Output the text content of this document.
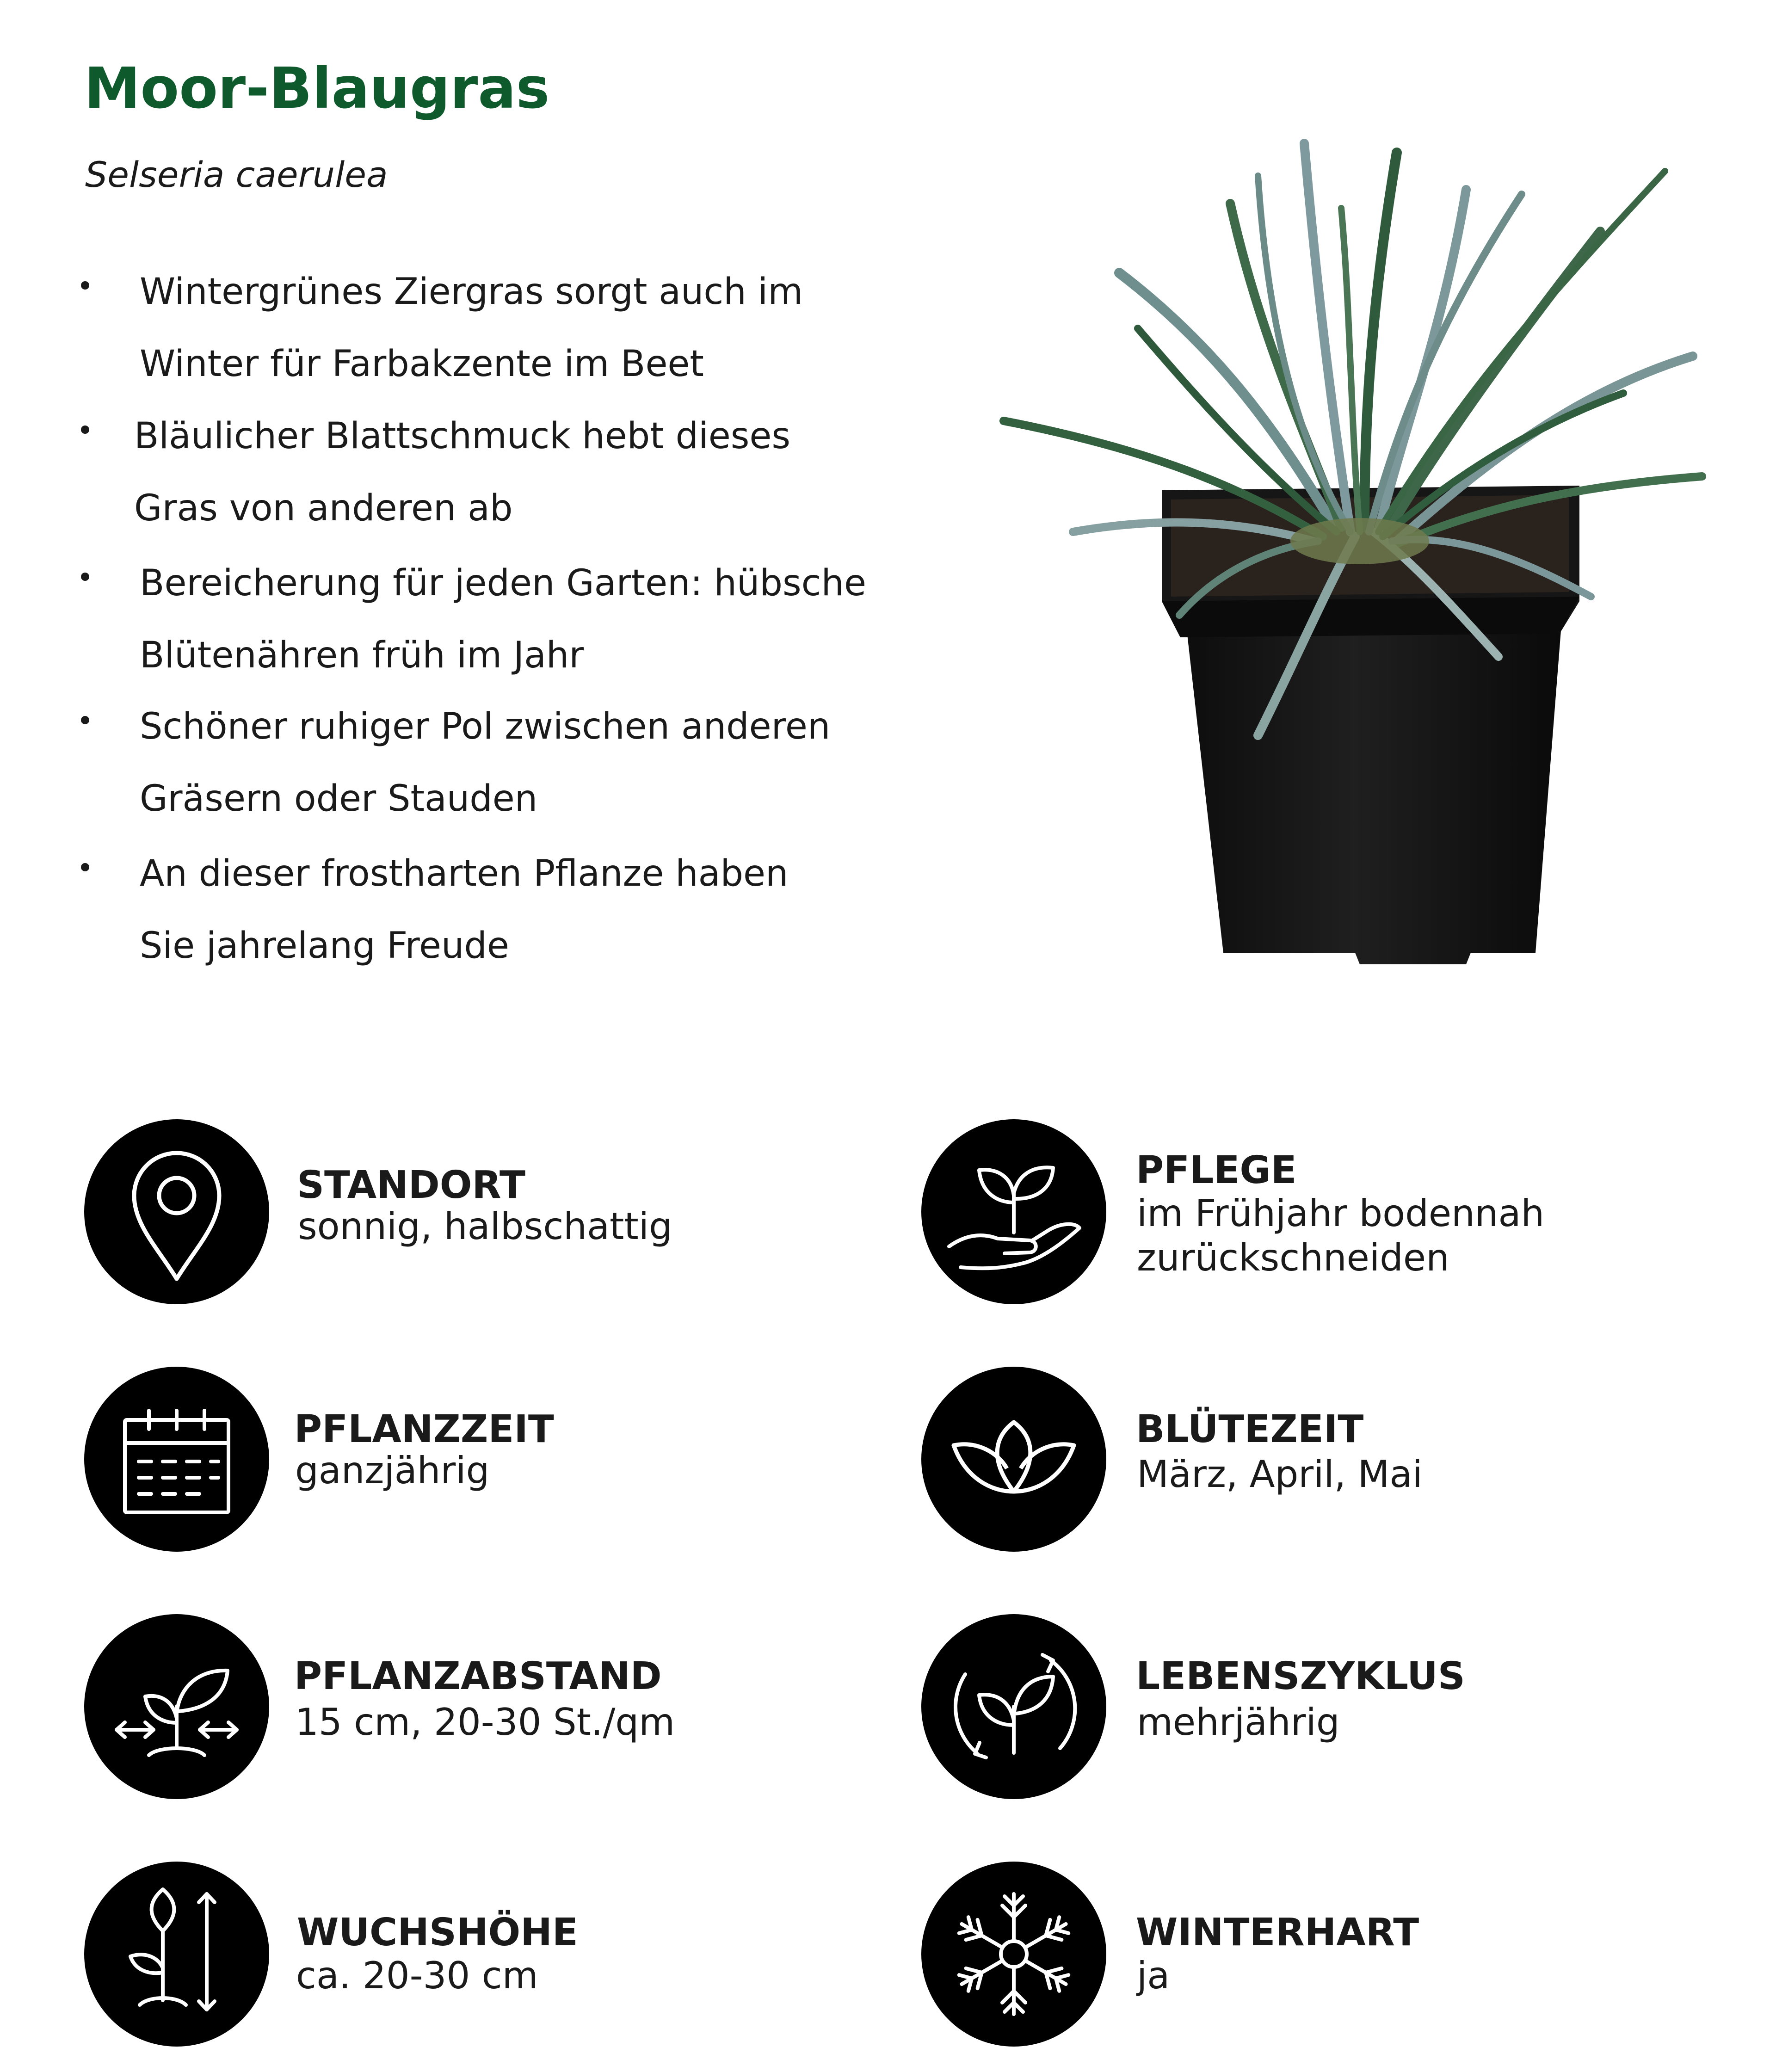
Moor-Blaugras

Selseria caerulea

Wintergrünes Ziergras sorgt auch im
Winter für Farbakzente im Beet
Bläulicher Blattschmuck hebt dieses
Gras von anderen ab
Bereicherung für jeden Garten: hübsche
Blütenähren früh im Jahr
Schöner ruhiger Pol zwischen anderen
Gräsern oder Stauden
An dieser frostharten Pflanze haben
Sie jahrelang Freude
STANDORT
sonnig, halbschattig
PFLEGE
im Frühjahr bodennah
zurückschneiden
PFLANZZEIT
ganzjährig
BLÜTEZEIT
März, April, Mai
PFLANZABSTAND
15 cm, 20-30 St./qm
LEBENSZYKLUS
mehrjährig
WUCHSHÖHE
ca. 20-30 cm
WINTERHART
ja
